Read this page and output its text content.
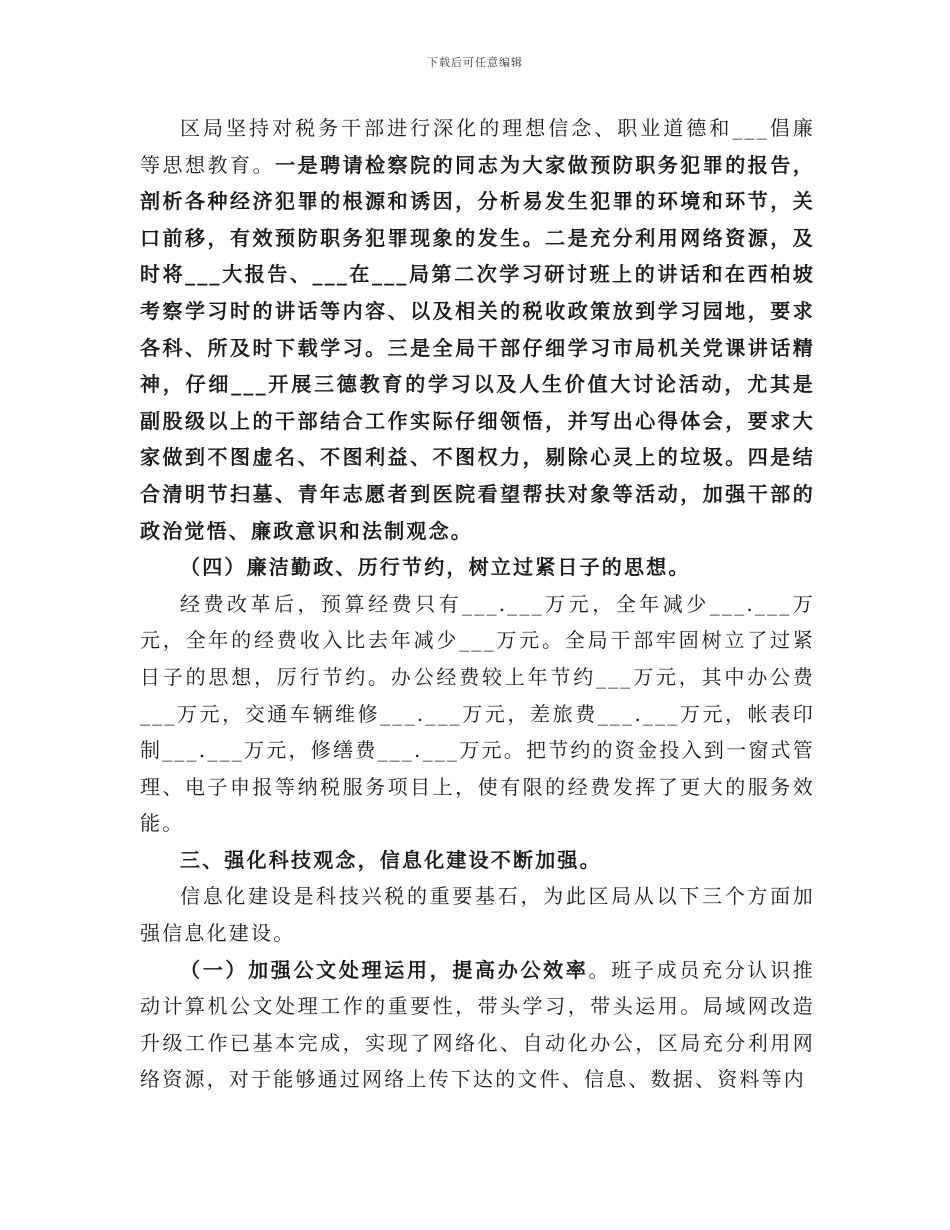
下载后可任意编辑

区局坚持对税务干部进行深化的理想信念、职业道德和___倡廉等思想教育。一是聘请检察院的同志为大家做预防职务犯罪的报告，剖析各种经济犯罪的根源和诱因，分析易发生犯罪的环境和环节，关口前移，有效预防职务犯罪现象的发生。二是充分利用网络资源，及时将___大报告、___在___局第二次学习研讨班上的讲话和在西柏坡考察学习时的讲话等内容、以及相关的税收政策放到学习园地，要求各科、所及时下载学习。三是全局干部仔细学习市局机关党课讲话精神，仔细___开展三德教育的学习以及人生价值大讨论活动，尤其是副股级以上的干部结合工作实际仔细领悟，并写出心得体会，要求大家做到不图虚名、不图利益、不图权力，剔除心灵上的垃圾。四是结合清明节扫墓、青年志愿者到医院看望帮扶对象等活动，加强干部的政治觉悟、廉政意识和法制观念。

（四）廉洁勤政、历行节约，树立过紧日子的思想。

经费改革后，预算经费只有___.___万元，全年减少___.___万元，全年的经费收入比去年减少___万元。全局干部牢固树立了过紧日子的思想，厉行节约。办公经费较上年节约___万元，其中办公费___万元，交通车辆维修___.___万元，差旅费___.___万元，帐表印制___.___万元，修缮费___.___万元。把节约的资金投入到一窗式管理、电子申报等纳税服务项目上，使有限的经费发挥了更大的服务效能。

三、强化科技观念，信息化建设不断加强。

信息化建设是科技兴税的重要基石，为此区局从以下三个方面加强信息化建设。

（一）加强公文处理运用，提高办公效率。班子成员充分认识推动计算机公文处理工作的重要性，带头学习，带头运用。局域网改造升级工作已基本完成，实现了网络化、自动化办公，区局充分利用网络资源，对于能够通过网络上传下达的文件、信息、数据、资料等内
